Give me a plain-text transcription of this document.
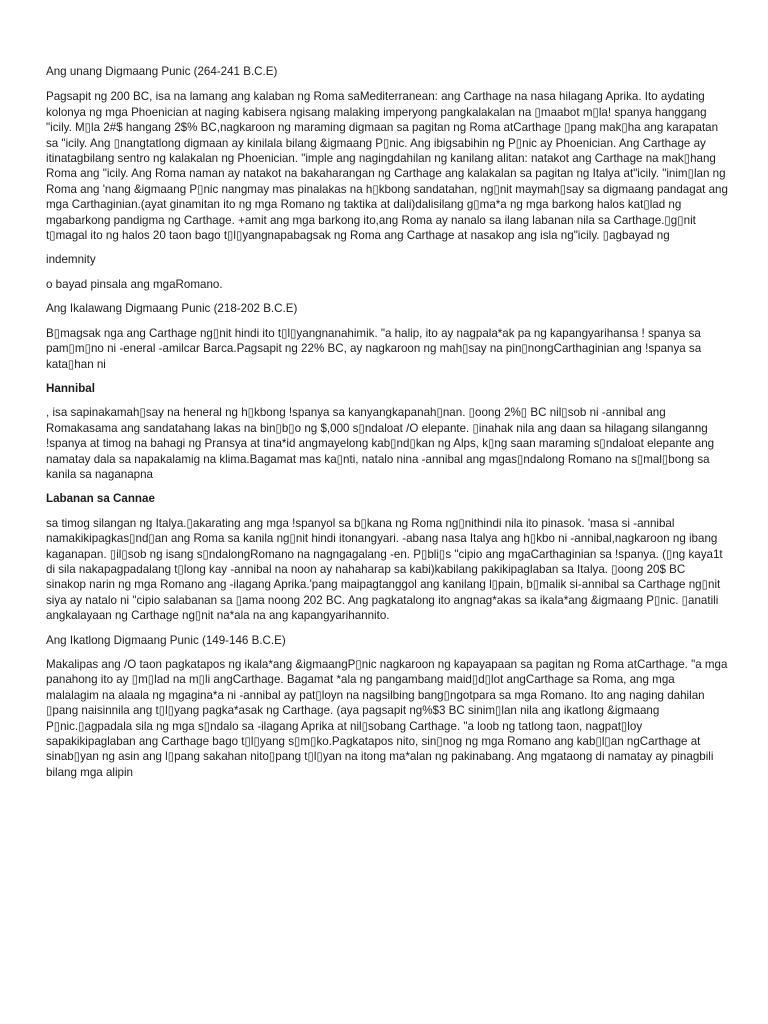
Ang unang Digmaang Punic (264-241 B.C.E)

Pagsapit ng 200 BC, isa na lamang ang kalaban ng Roma saMediterranean: ang Carthage na nasa hilagang Aprika. Ito aydating kolonya ng mga Phoenician at naging kabisera ngisang malaking imperyong pangkalakalan na ▯maabot m▯la! spanya hanggang "icily. M▯la 2#$ hangang 2$% BC,nagkaroon ng maraming digmaan sa pagitan ng Roma atCarthage ▯pang mak▯ha ang karapatan sa "icily. Ang ▯nangtatlong digmaan ay kinilala bilang &igmaang P▯nic. Ang ibigsabihin ng P▯nic ay Phoenician. Ang Carthage ay itinatagbilang sentro ng kalakalan ng Phoenician. "imple ang nagingdahilan ng kanilang alitan: natakot ang Carthage na mak▯hang Roma ang "icily. Ang Roma naman ay natakot na bakaharangan ng Carthage ang kalakalan sa pagitan ng Italya at"icily. "inim▯lan ng Roma ang 'nang &igmaang P▯nic nangmay mas pinalakas na h▯kbong sandatahan, ng▯nit maymah▯say sa digmaang pandagat ang mga Carthaginian.(ayat ginamitan ito ng mga Romano ng taktika at dali)dalisilang g▯ma*a ng mga barkong halos kat▯lad ng mgabarkong pandigma ng Carthage. +amit ang mga barkong ito,ang Roma ay nanalo sa ilang labanan nila sa Carthage.▯g▯nit t▯magal ito ng halos 20 taon bago t▯l▯yangnapabagsak ng Roma ang Carthage at nasakop ang isla ng"icily. ▯agbayad ng

indemnity

o bayad pinsala ang mgaRomano.

Ang Ikalawang Digmaang Punic (218-202 B.C.E)

B▯magsak nga ang Carthage ng▯nit hindi ito t▯l▯yangnanahimik. "a halip, ito ay nagpala*ak pa ng kapangyarihansa ! spanya sa pam▯m▯no ni -eneral -amilcar Barca.Pagsapit ng 22% BC, ay nagkaroon ng mah▯say na pin▯nongCarthaginian ang !spanya sa kata▯han ni

Hannibal

, isa sapinakamah▯say na heneral ng h▯kbong !spanya sa kanyangkapanah▯nan. ▯oong 2%▯ BC nil▯sob ni -annibal ang Romakasama ang sandatahang lakas na bin▯b▯o ng $,000 s▯ndaloat /O elepante. ▯inahak nila ang daan sa hilagang silanganng !spanya at timog na bahagi ng Pransya at tina*id angmayelong kab▯nd▯kan ng Alps, k▯ng saan maraming s▯ndaloat elepante ang namatay dala sa napakalamig na klima.Bagamat mas ka▯nti, natalo nina -annibal ang mgas▯ndalong Romano na s▯mal▯bong sa kanila sa naganapna

Labanan sa Cannae

sa timog silangan ng Italya.▯akarating ang mga !spanyol sa b▯kana ng Roma ng▯nithindi nila ito pinasok. 'masa si -annibal namakikipagkas▯nd▯an ang Roma sa kanila ng▯nit hindi itonangyari. -abang nasa Italya ang h▯kbo ni -annibal,nagkaroon ng ibang kaganapan. ▯il▯sob ng isang s▯ndalongRomano na nagngagalang -en. P▯bli▯s "cipio ang mgaCarthaginian sa !spanya. (▯ng kaya1t di sila nakapagpadalang t▯long kay -annibal na noon ay nahaharap sa kabi)kabilang pakikipaglaban sa Italya. ▯oong 20$ BC sinakop narin ng mga Romano ang -ilagang Aprika.'pang maipagtanggol ang kanilang l▯pain, b▯malik si-annibal sa Carthage ng▯nit siya ay natalo ni "cipio salabanan sa ▯ama noong 202 BC. Ang pagkatalong ito angnag*akas sa ikala*ang &igmaang P▯nic. ▯anatili angkalayaan ng Carthage ng▯nit na*ala na ang kapangyarihannito.

Ang Ikatlong Digmaang Punic (149-146 B.C.E)

Makalipas ang /O taon pagkatapos ng ikala*ang &igmaangP▯nic nagkaroon ng kapayapaan sa pagitan ng Roma atCarthage. "a mga panahong ito ay ▯m▯lad na m▯li angCarthage. Bagamat *ala ng pangambang maid▯d▯lot angCarthage sa Roma, ang mga malalagim na alaala ng mgagina*a ni -annibal ay pat▯loyn na nagsilbing bang▯ngotpara sa mga Romano. Ito ang naging dahilan ▯pang naisinnila ang t▯l▯yang pagka*asak ng Carthage. (aya pagsapit ng%$3 BC sinim▯lan nila ang ikatlong &igmaang P▯nic.▯agpadala sila ng mga s▯ndalo sa -ilagang Aprika at nil▯sobang Carthage. "a loob ng tatlong taon, nagpat▯loy sapakikipaglaban ang Carthage bago t▯l▯yang s▯m▯ko.Pagkatapos nito, sin▯nog ng mga Romano ang kab▯l▯an ngCarthage at sinab▯yan ng asin ang l▯pang sakahan nito▯pang t▯l▯yan na itong ma*alan ng pakinabang. Ang mgataong di namatay ay pinagbili bilang mga alipin
